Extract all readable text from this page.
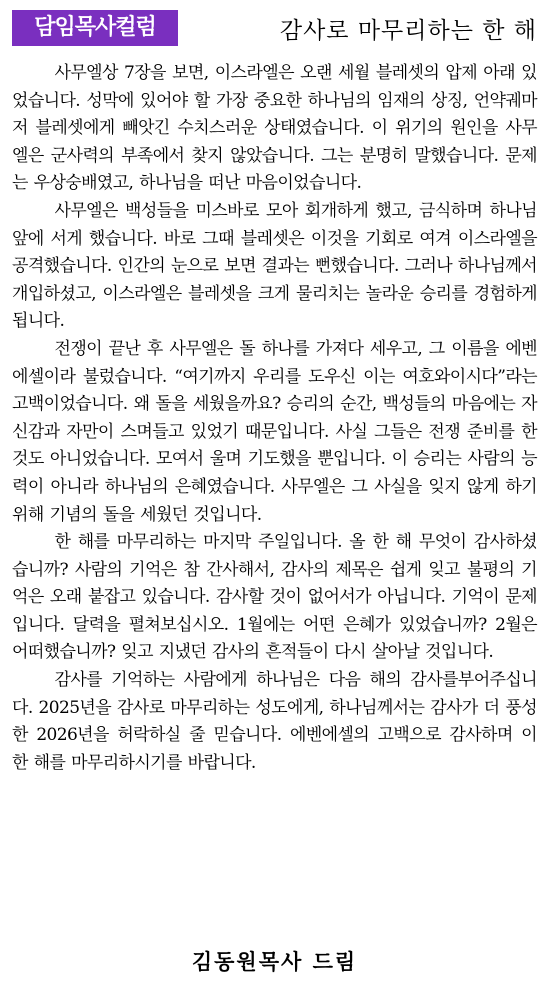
담임목사컬럼	감사로 마무리하는 한 해

사무엘상 7장을 보면, 이스라엘은 오랜 세월 블레셋의 압제 아래 있었습니다. 성막에 있어야 할 가장 중요한 하나님의 임재의 상징, 언약궤마저 블레셋에게 빼앗긴 수치스러운 상태였습니다. 이 위기의 원인을 사무엘은 군사력의 부족에서 찾지 않았습니다. 그는 분명히 말했습니다. 문제는 우상숭배였고, 하나님을 떠난 마음이었습니다.

사무엘은 백성들을 미스바로 모아 회개하게 했고, 금식하며 하나님 앞에 서게 했습니다. 바로 그때 블레셋은 이것을 기회로 여겨 이스라엘을 공격했습니다. 인간의 눈으로 보면 결과는 뻔했습니다. 그러나 하나님께서 개입하셨고, 이스라엘은 블레셋을 크게 물리치는 놀라운 승리를 경험하게 됩니다.

전쟁이 끝난 후 사무엘은 돌 하나를 가져다 세우고, 그 이름을 에벤에셀이라 불렀습니다. “여기까지 우리를 도우신 이는 여호와이시다”라는 고백이었습니다. 왜 돌을 세웠을까요? 승리의 순간, 백성들의 마음에는 자신감과 자만이 스며들고 있었기 때문입니다. 사실 그들은 전쟁 준비를 한 것도 아니었습니다. 모여서 울며 기도했을 뿐입니다. 이 승리는 사람의 능력이 아니라 하나님의 은혜였습니다. 사무엘은 그 사실을 잊지 않게 하기 위해 기념의 돌을 세웠던 것입니다.

한 해를 마무리하는 마지막 주일입니다. 올 한 해 무엇이 감사하셨습니까? 사람의 기억은 참 간사해서, 감사의 제목은 쉽게 잊고 불평의 기억은 오래 붙잡고 있습니다. 감사할 것이 없어서가 아닙니다. 기억이 문제입니다. 달력을 펼쳐보십시오. 1월에는 어떤 은혜가 있었습니까? 2월은 어떠했습니까? 잊고 지냈던 감사의 흔적들이 다시 살아날 것입니다.

감사를 기억하는 사람에게 하나님은 다음 해의 감사를부어주십니다. 2025년을 감사로 마무리하는 성도에게, 하나님께서는 감사가 더 풍성한 2026년을 허락하실 줄 믿습니다. 에벤에셀의 고백으로 감사하며 이 한 해를 마무리하시기를 바랍니다.

김동원목사 드림
